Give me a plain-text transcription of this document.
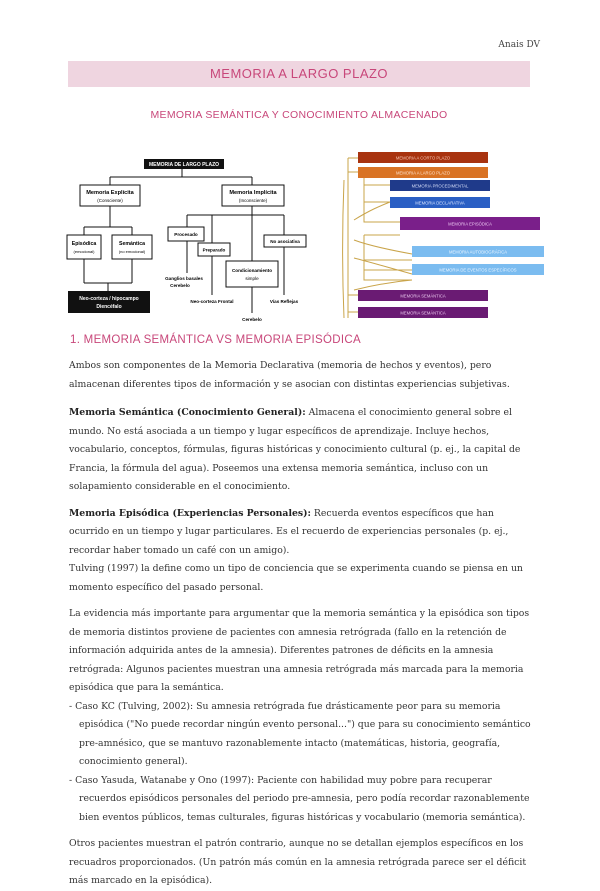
Anais DV
MEMORIA A LARGO PLAZO
MEMORIA SEMÁNTICA Y CONOCIMIENTO ALMACENADO
MEMORIA DE LARGO PLAZO
Memoria Explícita
(Consciente)
Memoria Implícita
(Inconsciente)
Episódica
(emocional)
Semántica
(no emocional)
Procesado
Preparado
Condicionamiento
simple
No asociativa
Ganglios basales
Cerebelo
Neo-corteza Frontal
Cerebelo
Vías Reflejas
Neo-corteza / hipocampo
Diencéfalo
MEMORIA A CORTO PLAZO
MEMORIA A LARGO PLAZO
MEMORIA PROCEDIMENTAL
MEMORIA DECLARATIVA
MEMORIA EPISÓDICA
MEMORIA AUTOBIOGRÁFICA
MEMORIA DE EVENTOS ESPECÍFICOS
MEMORIA SEMÁNTICA
MEMORIA SEMÁNTICA
1. MEMORIA SEMÁNTICA VS MEMORIA EPISÓDICA

Ambos son componentes de la Memoria Declarativa (memoria de hechos y eventos), pero almacenan diferentes tipos de información y se asocian con distintas experiencias subjetivas.

Memoria Semántica (Conocimiento General): Almacena el conocimiento general sobre el mundo. No está asociada a un tiempo y lugar específicos de aprendizaje. Incluye hechos, vocabulario, conceptos, fórmulas, figuras históricas y conocimiento cultural (p. ej., la capital de Francia, la fórmula del agua). Poseemos una extensa memoria semántica, incluso con un solapamiento considerable en el conocimiento.

Memoria Episódica (Experiencias Personales): Recuerda eventos específicos que han ocurrido en un tiempo y lugar particulares. Es el recuerdo de experiencias personales (p. ej., recordar haber tomado un café con un amigo).

Tulving (1997) la define como un tipo de conciencia que se experimenta cuando se piensa en un momento específico del pasado personal.

La evidencia más importante para argumentar que la memoria semántica y la episódica son tipos de memoria distintos proviene de pacientes con amnesia retrógrada (fallo en la retención de información adquirida antes de la amnesia). Diferentes patrones de déficits en la amnesia retrógrada: Algunos pacientes muestran una amnesia retrógrada más marcada para la memoria episódica que para la semántica.

- Caso KC (Tulving, 2002): Su amnesia retrógrada fue drásticamente peor para su memoria episódica ("No puede recordar ningún evento personal...") que para su conocimiento semántico pre-amnésico, que se mantuvo razonablemente intacto (matemáticas, historia, geografía, conocimiento general).

- Caso Yasuda, Watanabe y Ono (1997): Paciente con habilidad muy pobre para recuperar recuerdos episódicos personales del periodo pre-amnesia, pero podía recordar razonablemente bien eventos públicos, temas culturales, figuras históricas y vocabulario (memoria semántica).

Otros pacientes muestran el patrón contrario, aunque no se detallan ejemplos específicos en los recuadros proporcionados. (Un patrón más común en la amnesia retrógrada parece ser el déficit más marcado en la episódica).
